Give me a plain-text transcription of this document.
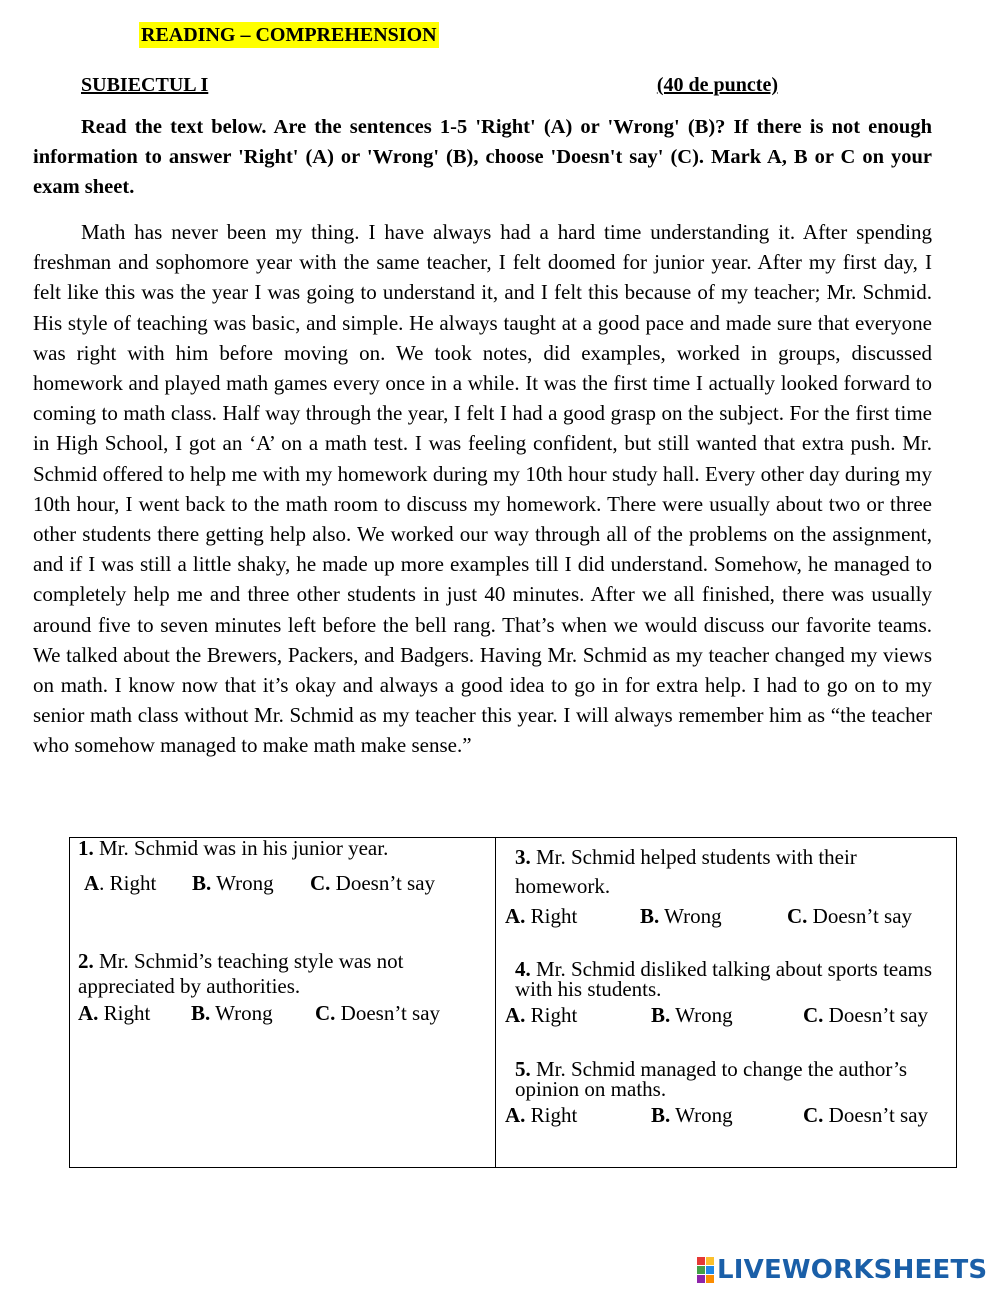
READING – COMPREHENSION
SUBIECTUL I	(40 de puncte)

Read the text below. Are the sentences 1-5 'Right' (A) or 'Wrong' (B)? If there is not enough information to answer 'Right' (A) or 'Wrong' (B), choose 'Doesn't say' (C). Mark A, B or C on your exam sheet.

Math has never been my thing. I have always had a hard time understanding it. After spending freshman and sophomore year with the same teacher, I felt doomed for junior year. After my first day, I felt like this was the year I was going to understand it, and I felt this because of my teacher; Mr. Schmid. His style of teaching was basic, and simple. He always taught at a good pace and made sure that everyone was right with him before moving on. We took notes, did examples, worked in groups, discussed homework and played math games every once in a while. It was the first time I actually looked forward to coming to math class. Half way through the year, I felt I had a good grasp on the subject. For the first time in High School, I got an ‘A’ on a math test. I was feeling confident, but still wanted that extra push. Mr. Schmid offered to help me with my homework during my 10th hour study hall. Every other day during my 10th hour, I went back to the math room to discuss my homework. There were usually about two or three other students there getting help also. We worked our way through all of the problems on the assignment, and if I was still a little shaky, he made up more examples till I did understand. Somehow, he managed to completely help me and three other students in just 40 minutes. After we all finished, there was usually around five to seven minutes left before the bell rang. That’s when we would discuss our favorite teams. We talked about the Brewers, Packers, and Badgers. Having Mr. Schmid as my teacher changed my views on math. I know now that it’s okay and always a good idea to go in for extra help. I had to go on to my senior math class without Mr. Schmid as my teacher this year. I will always remember him as “the teacher who somehow managed to make math make sense.”

1. Mr. Schmid was in his junior year.
A. Right B. Wrong C. Doesn’t say
2. Mr. Schmid’s teaching style was not appreciated by authorities.
A. Right B. Wrong C. Doesn’t say
3. Mr. Schmid helped students with their homework.
A. Right	B. Wrong	C. Doesn’t say
4. Mr. Schmid disliked talking about sports teams with his students.
A. Right	B. Wrong	C. Doesn’t say
5. Mr. Schmid managed to change the author’s opinion on maths.
A. Right	B. Wrong	C. Doesn’t say
LIVEWORKSHEETS
